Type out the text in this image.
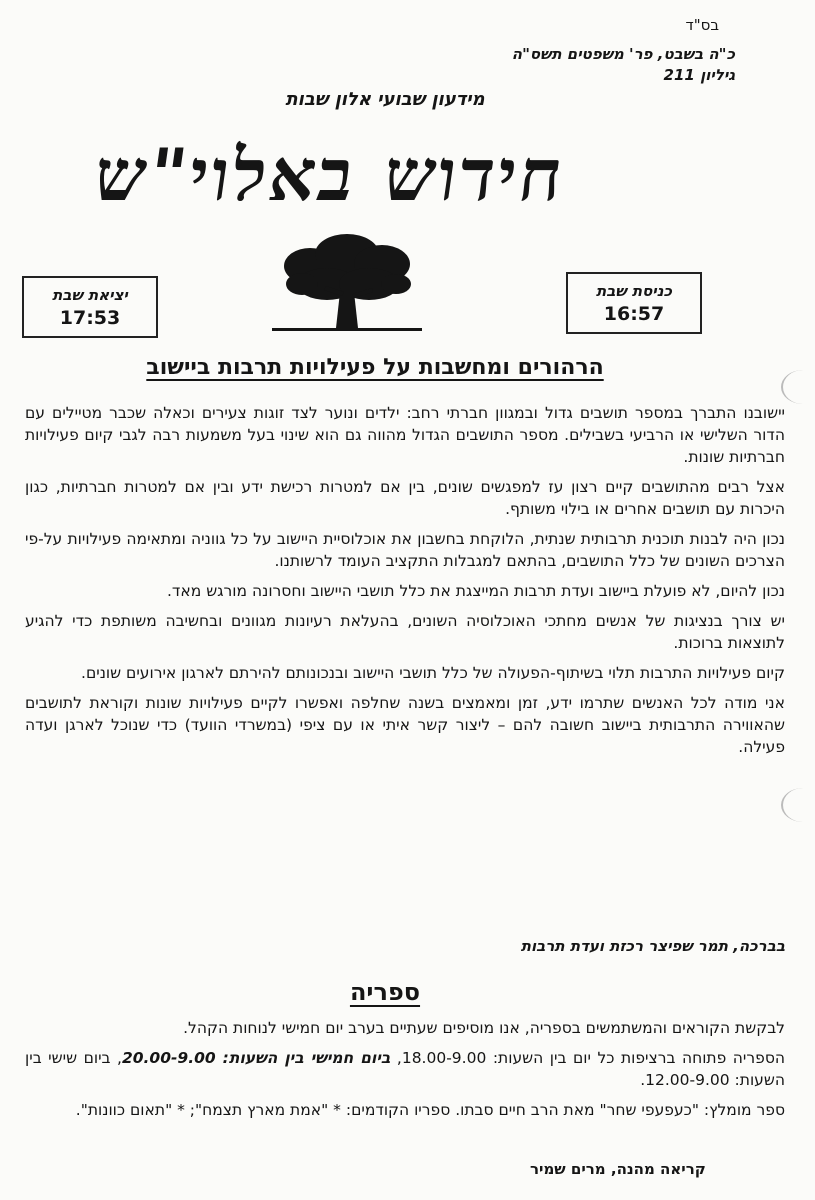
בס"ד
כ"ה בשבט, פר' משפטים תשס"ה
גיליון 211
מידעון שבועי אלון שבות
חידוש באלוי"ש
יציאת שבת
17:53
כניסת שבת
16:57
הרהורים ומחשבות על פעילויות תרבות ביישוב

יישובנו התברך במספר תושבים גדול ובמגוון חברתי רחב: ילדים ונוער לצד זוגות צעירים וכאלה שכבר מטיילים עם הדור השלישי או הרביעי בשבילים. מספר התושבים הגדול מהווה גם הוא שינוי בעל משמעות רבה לגבי קיום פעילויות חברתיות שונות.

אצל רבים מהתושבים קיים רצון עז למפגשים שונים, בין אם למטרות רכישת ידע ובין אם למטרות חברתיות, כגון היכרות עם תושבים אחרים או בילוי משותף.

נכון היה לבנות תוכנית תרבותית שנתית, הלוקחת בחשבון את אוכלוסיית היישוב על כל גווניה ומתאימה פעילויות על-פי הצרכים השונים של כלל התושבים, בהתאם למגבלות התקציב העומד לרשותנו.

נכון להיום, לא פועלת ביישוב ועדת תרבות המייצגת את כלל תושבי היישוב וחסרונה מורגש מאד.

יש צורך בנציגות של אנשים מחתכי האוכלוסיה השונים, בהעלאת רעיונות מגוונים ובחשיבה משותפת כדי להגיע לתוצאות ברוכות.

קיום פעילויות התרבות תלוי בשיתוף-הפעולה של כלל תושבי היישוב ובנכונותם להירתם לארגון אירועים שונים.

אני מודה לכל האנשים שתרמו ידע, זמן ומאמצים בשנה שחלפה ואפשרו לקיים פעילויות שונות וקוראת לתושבים שהאווירה התרבותית ביישוב חשובה להם – ליצור קשר איתי או עם ציפי (במשרדי הוועד) כדי שנוכל לארגן ועדה פעילה.

בברכה, תמר שפיצר רכזת ועדת תרבות
ספריה

לבקשת הקוראים והמשתמשים בספריה, אנו מוסיפים שעתיים בערב יום חמישי לנוחות הקהל.

הספריה פתוחה ברציפות כל יום בין השעות: 18.00-9.00, ביום חמישי בין השעות: 20.00-9.00, ביום שישי בין השעות: 12.00-9.00.

ספר מומלץ: "כעפעפי שחר" מאת הרב חיים סבתו. ספריו הקודמים: * "אמת מארץ תצמח"; * "תאום כוונות".

קריאה מהנה, מרים שמיר
